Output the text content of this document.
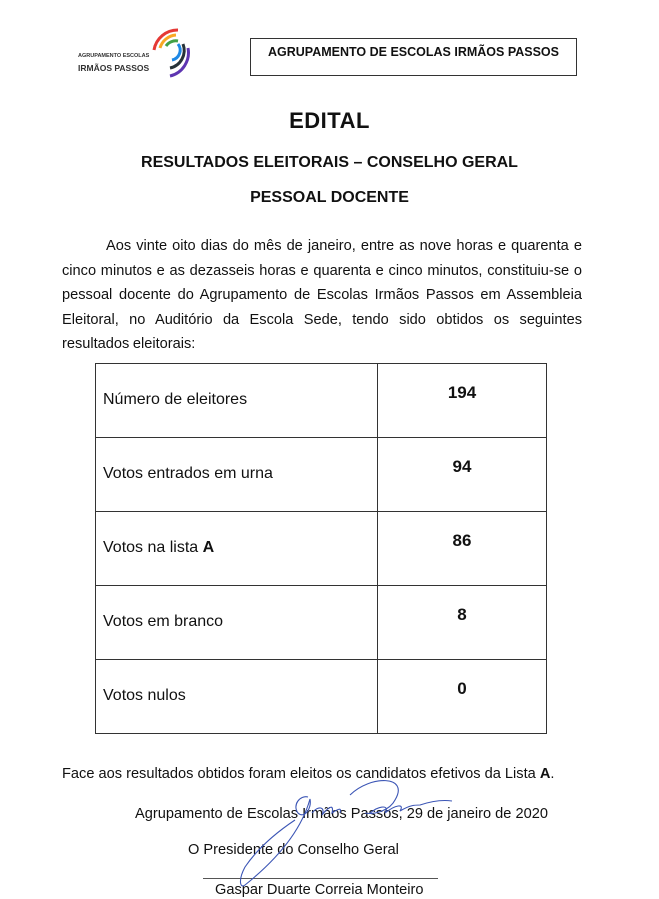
AGRUPAMENTO ESCOLAS
IRMÃOS PASSOS
AGRUPAMENTO DE ESCOLAS IRMÃOS PASSOS
EDITAL
RESULTADOS ELEITORAIS – CONSELHO GERAL
PESSOAL DOCENTE

Aos vinte oito dias do mês de janeiro, entre as nove horas e quarenta e cinco minutos e as dezasseis horas e quarenta e cinco minutos, constituiu-se o pessoal docente do Agrupamento de Escolas Irmãos Passos em Assembleia Eleitoral, no Auditório da Escola Sede, tendo sido obtidos os seguintes resultados eleitorais:

Número de eleitores	194
Votos entrados em urna	94
Votos na lista A	86
Votos em branco	8
Votos nulos	0
Face aos resultados obtidos foram eleitos os candidatos efetivos da Lista A.
Agrupamento de Escolas Irmãos Passos, 29 de janeiro de 2020
O Presidente do Conselho Geral
Gaspar Duarte Correia Monteiro
